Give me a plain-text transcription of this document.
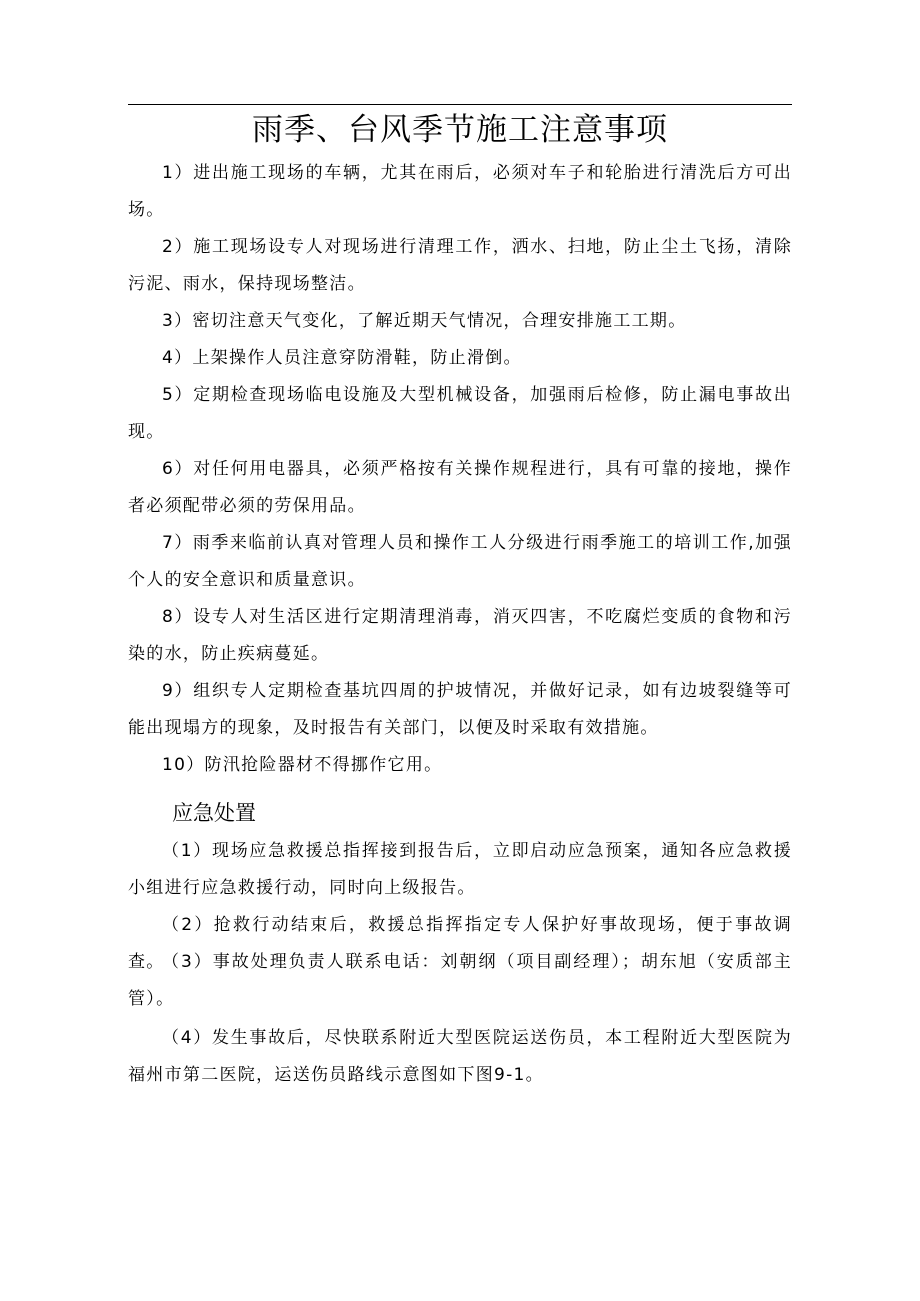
雨季、台风季节施工注意事项

1）进出施工现场的车辆，尤其在雨后，必须对车子和轮胎进行清洗后方可出场。

2）施工现场设专人对现场进行清理工作，洒水、扫地，防止尘土飞扬，清除污泥、雨水，保持现场整洁。

3）密切注意天气变化，了解近期天气情况，合理安排施工工期。

4）上架操作人员注意穿防滑鞋，防止滑倒。

5）定期检查现场临电设施及大型机械设备，加强雨后检修，防止漏电事故出现。

6）对任何用电器具，必须严格按有关操作规程进行，具有可靠的接地，操作者必须配带必须的劳保用品。

7）雨季来临前认真对管理人员和操作工人分级进行雨季施工的培训工作,加强个人的安全意识和质量意识。

8）设专人对生活区进行定期清理消毒，消灭四害，不吃腐烂变质的食物和污染的水，防止疾病蔓延。

9）组织专人定期检查基坑四周的护坡情况，并做好记录，如有边坡裂缝等可能出现塌方的现象，及时报告有关部门，以便及时采取有效措施。

10）防汛抢险器材不得挪作它用。

应急处置

（1）现场应急救援总指挥接到报告后，立即启动应急预案，通知各应急救援小组进行应急救援行动，同时向上级报告。

（2）抢救行动结束后，救援总指挥指定专人保护好事故现场，便于事故调查。

（3）事故处理负责人联系电话：刘朝纲（项目副经理）；胡东旭（安质部主管）。

（4）发生事故后，尽快联系附近大型医院运送伤员，本工程附近大型医院为福州市第二医院，运送伤员路线示意图如下图9-1。
